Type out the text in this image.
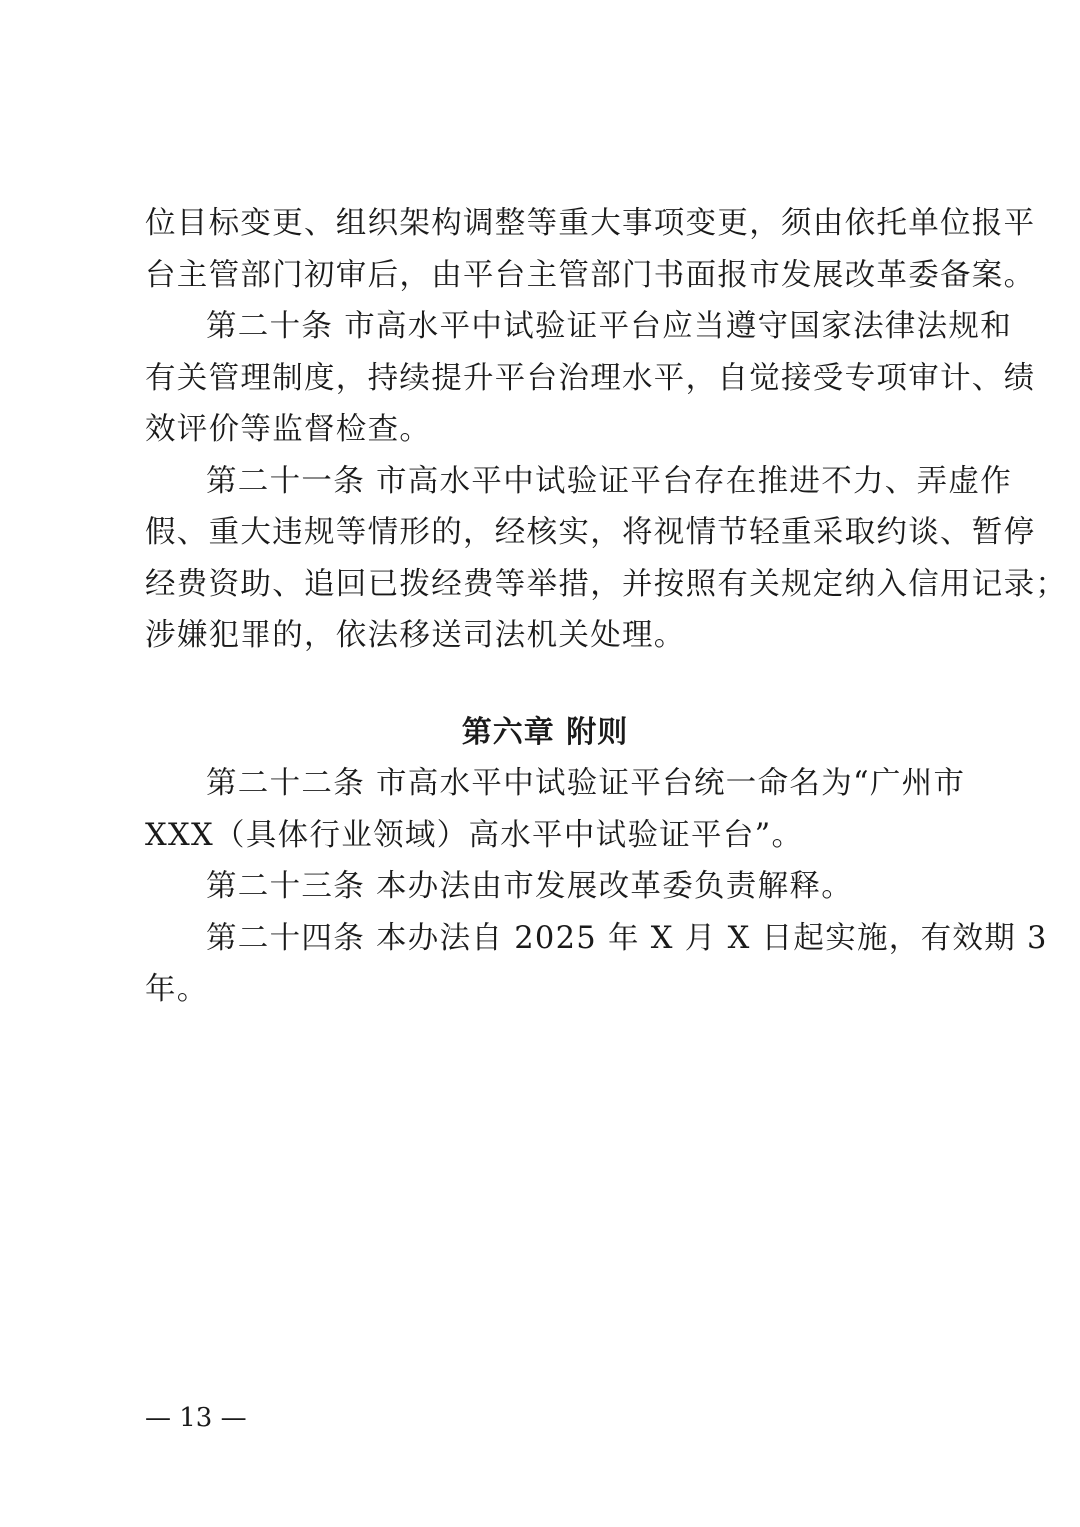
位目标变更、组织架构调整等重大事项变更，须由依托单位报平
台主管部门初审后，由平台主管部门书面报市发展改革委备案。
第二十条 市高水平中试验证平台应当遵守国家法律法规和
有关管理制度，持续提升平台治理水平，自觉接受专项审计、绩
效评价等监督检查。
第二十一条 市高水平中试验证平台存在推进不力、弄虚作
假、重大违规等情形的，经核实，将视情节轻重采取约谈、暂停
经费资助、追回已拨经费等举措，并按照有关规定纳入信用记录；
涉嫌犯罪的，依法移送司法机关处理。
第六章 附则
第二十二条 市高水平中试验证平台统一命名为“广州市
XXX（具体行业领域）高水平中试验证平台”。
第二十三条 本办法由市发展改革委负责解释。
第二十四条 本办法自 2025 年 X 月 X 日起实施，有效期 3
年。
— 13 —
